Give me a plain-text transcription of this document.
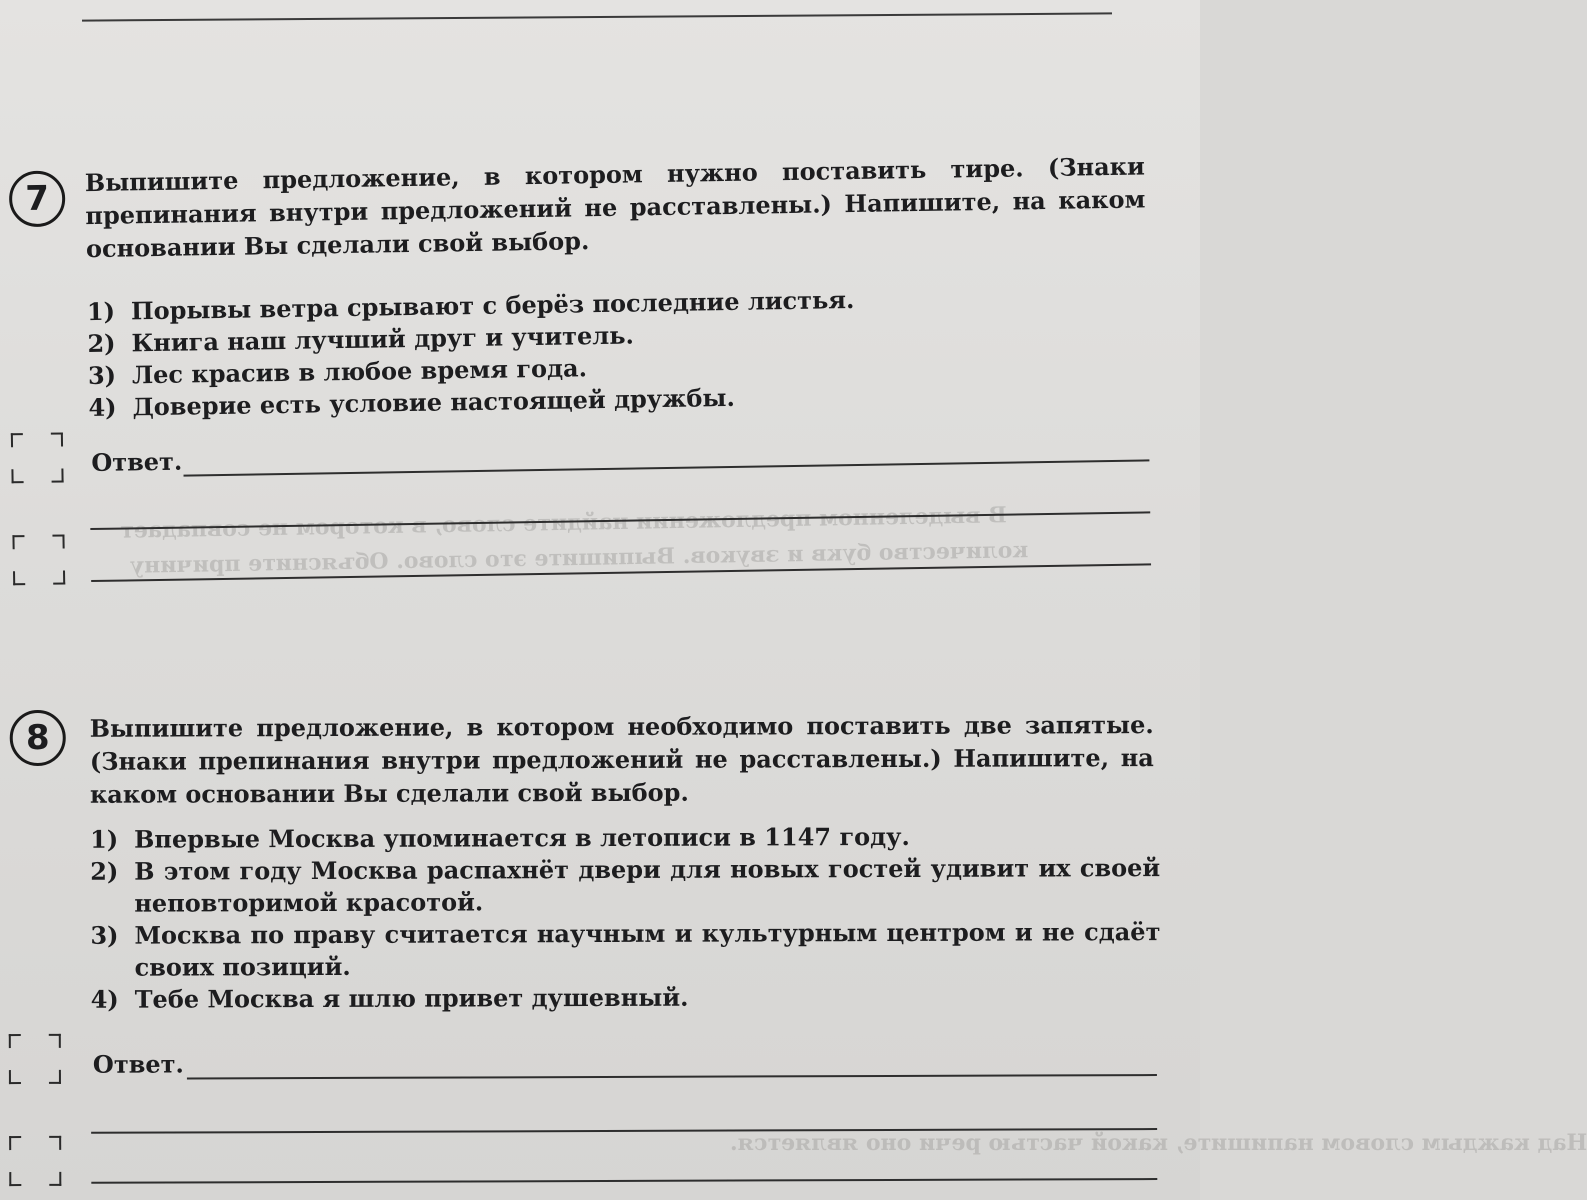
В выделенном предложении найдите слово, в котором не совпадает
количество букв и звуков. Выпишите это слово. Объясните причину
Над каждым словом напишите, какой частью речи оно является.
7

Выпишите предложение, в котором нужно поставить тире. (Знаки препинания внутри предложений не расставлены.) Напишите, на каком основании Вы сделали свой выбор.

1) Порывы ветра срывают с берёз последние листья.
2) Книга наш лучший друг и учитель.
3) Лес красив в любое время года.
4) Доверие есть условие настоящей дружбы.
Ответ.
8	Выпишите предложение, в котором необходимо поставить две запятые. (Знаки препинания внутри предложений не расставлены.) Напишите, на каком основании Вы сделали свой выбор.

1) Впервые Москва упоминается в летописи в 1147 году.
2) В этом году Москва распахнёт двери для новых гостей удивит их своей неповторимой красотой.
3) Москва по праву считается научным и культурным центром и не сдаёт своих позиций.
4) Тебе Москва я шлю привет душевный.
Ответ.
